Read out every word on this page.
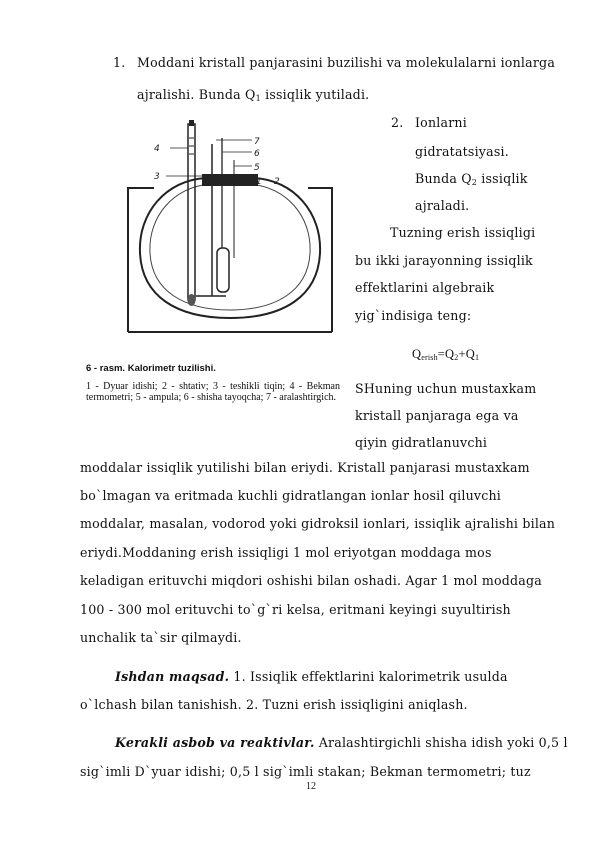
1. Moddani kristall panjarasini buzilishi va molekulalarni ionlarga
ajralishi. Bunda $Q_1$ issiqlik yutiladi.
2. Ionlarni
gidratatsiyasi.
Bunda $Q_2$ issiqlik
ajraladi.
Tuzning erish issiqligi
bu ikki jarayonning issiqlik
effektlarini algebraik
yig`indisiga teng:
$Q_{erish}=Q_2+Q_1$
SHuning uchun mustaxkam
kristall panjaraga ega va
qiyin gidratlanuvchi
4
3
7
6
5
1 2
6 - rasm. Kalorimetr tuzilishi.
1 - Dyuar idishi; 2 - shtativ; 3 - teshikli tiqin; 4 - Bekman termometri; 5 - ampula; 6 - shisha tayoqcha; 7 - aralashtirgich.
moddalar issiqlik yutilishi bilan eriydi. Kristall panjarasi mustaxkam
bo`lmagan va eritmada kuchli gidratlangan ionlar hosil qiluvchi
moddalar, masalan, vodorod yoki gidroksil ionlari, issiqlik ajralishi bilan
eriydi.Moddaning erish issiqligi 1 mol eriyotgan moddaga mos
keladigan erituvchi miqdori oshishi bilan oshadi. Agar 1 mol moddaga
100 - 300 mol erituvchi to`g`ri kelsa, eritmani keyingi suyultirish
unchalik ta`sir qilmaydi.
Ishdan maqsad. 1. Issiqlik effektlarini kalorimetrik usulda
o`lchash bilan tanishish. 2. Tuzni erish issiqligini aniqlash.
Kerakli asbob va reaktivlar. Aralashtirgichli shisha idish yoki 0,5 l
sig`imli D`yuar idishi; 0,5 l sig`imli stakan; Bekman termometri; tuz
12
